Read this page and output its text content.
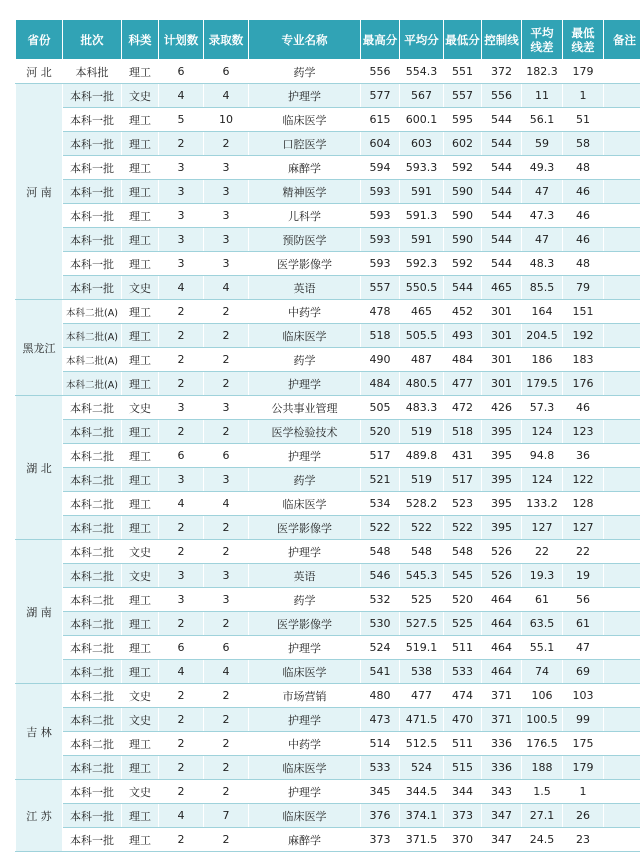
省份	批次	科类	计划数	录取数	专业名称	最高分	平均分	最低分	控制线	平均线差	最低线差	备注
河 北	本科批	理工	6	6	药学	556	554.3	551	372	182.3	179	
河 南	本科一批	文史	4	4	护理学	577	567	557	556	11	1	
	本科一批	理工	5	10	临床医学	615	600.1	595	544	56.1	51	
	本科一批	理工	2	2	口腔医学	604	603	602	544	59	58	
	本科一批	理工	3	3	麻醉学	594	593.3	592	544	49.3	48	
	本科一批	理工	3	3	精神医学	593	591	590	544	47	46	
	本科一批	理工	3	3	儿科学	593	591.3	590	544	47.3	46	
	本科一批	理工	3	3	预防医学	593	591	590	544	47	46	
	本科一批	理工	3	3	医学影像学	593	592.3	592	544	48.3	48	
	本科一批	文史	4	4	英语	557	550.5	544	465	85.5	79	
黑龙江	本科二批(A)	理工	2	2	中药学	478	465	452	301	164	151	
	本科二批(A)	理工	2	2	临床医学	518	505.5	493	301	204.5	192	
	本科二批(A)	理工	2	2	药学	490	487	484	301	186	183	
	本科二批(A)	理工	2	2	护理学	484	480.5	477	301	179.5	176	
湖 北	本科二批	文史	3	3	公共事业管理	505	483.3	472	426	57.3	46	
	本科二批	理工	2	2	医学检验技术	520	519	518	395	124	123	
	本科二批	理工	6	6	护理学	517	489.8	431	395	94.8	36	
	本科二批	理工	3	3	药学	521	519	517	395	124	122	
	本科二批	理工	4	4	临床医学	534	528.2	523	395	133.2	128	
	本科二批	理工	2	2	医学影像学	522	522	522	395	127	127	
湖 南	本科二批	文史	2	2	护理学	548	548	548	526	22	22	
	本科二批	文史	3	3	英语	546	545.3	545	526	19.3	19	
	本科二批	理工	3	3	药学	532	525	520	464	61	56	
	本科二批	理工	2	2	医学影像学	530	527.5	525	464	63.5	61	
	本科二批	理工	6	6	护理学	524	519.1	511	464	55.1	47	
	本科二批	理工	4	4	临床医学	541	538	533	464	74	69	
吉 林	本科二批	文史	2	2	市场营销	480	477	474	371	106	103	
	本科二批	文史	2	2	护理学	473	471.5	470	371	100.5	99	
	本科二批	理工	2	2	中药学	514	512.5	511	336	176.5	175	
	本科二批	理工	2	2	临床医学	533	524	515	336	188	179	
江 苏	本科一批	文史	2	2	护理学	345	344.5	344	343	1.5	1	
	本科一批	理工	4	7	临床医学	376	374.1	373	347	27.1	26	
	本科一批	理工	2	2	麻醉学	373	371.5	370	347	24.5	23	
